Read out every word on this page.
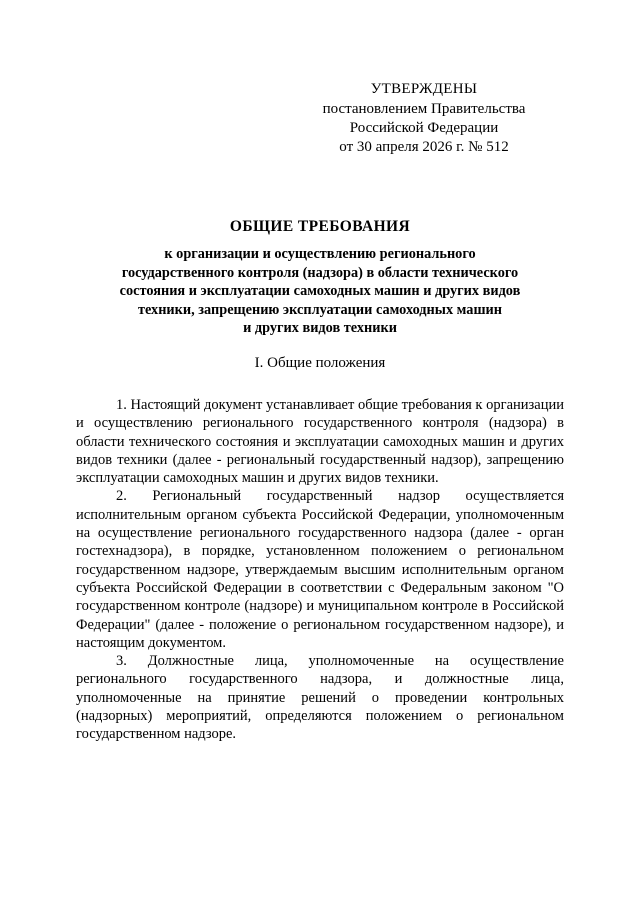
УТВЕРЖДЕНЫ
постановлением Правительства
Российской Федерации
от 30 апреля 2026 г. № 512
ОБЩИЕ ТРЕБОВАНИЯ
к организации и осуществлению регионального
государственного контроля (надзора) в области технического
состояния и эксплуатации самоходных машин и других видов
техники, запрещению эксплуатации самоходных машин
и других видов техники
I. Общие положения

1. Настоящий документ устанавливает общие требования к организации и осуществлению регионального государственного контроля (надзора) в области технического состояния и эксплуатации самоходных машин и других видов техники (далее - региональный государственный надзор), запрещению эксплуатации самоходных машин и других видов техники.

2. Региональный государственный надзор осуществляется исполнительным органом субъекта Российской Федерации, уполномоченным на осуществление регионального государственного надзора (далее - орган гостехнадзора), в порядке, установленном положением о региональном государственном надзоре, утверждаемым высшим исполнительным органом субъекта Российской Федерации в соответствии с Федеральным законом "О государственном контроле (надзоре) и муниципальном контроле в Российской Федерации" (далее - положение о региональном государственном надзоре), и настоящим документом.

3. Должностные лица, уполномоченные на осуществление регионального государственного надзора, и должностные лица, уполномоченные на принятие решений о проведении контрольных (надзорных) мероприятий, определяются положением о региональном государственном надзоре.
